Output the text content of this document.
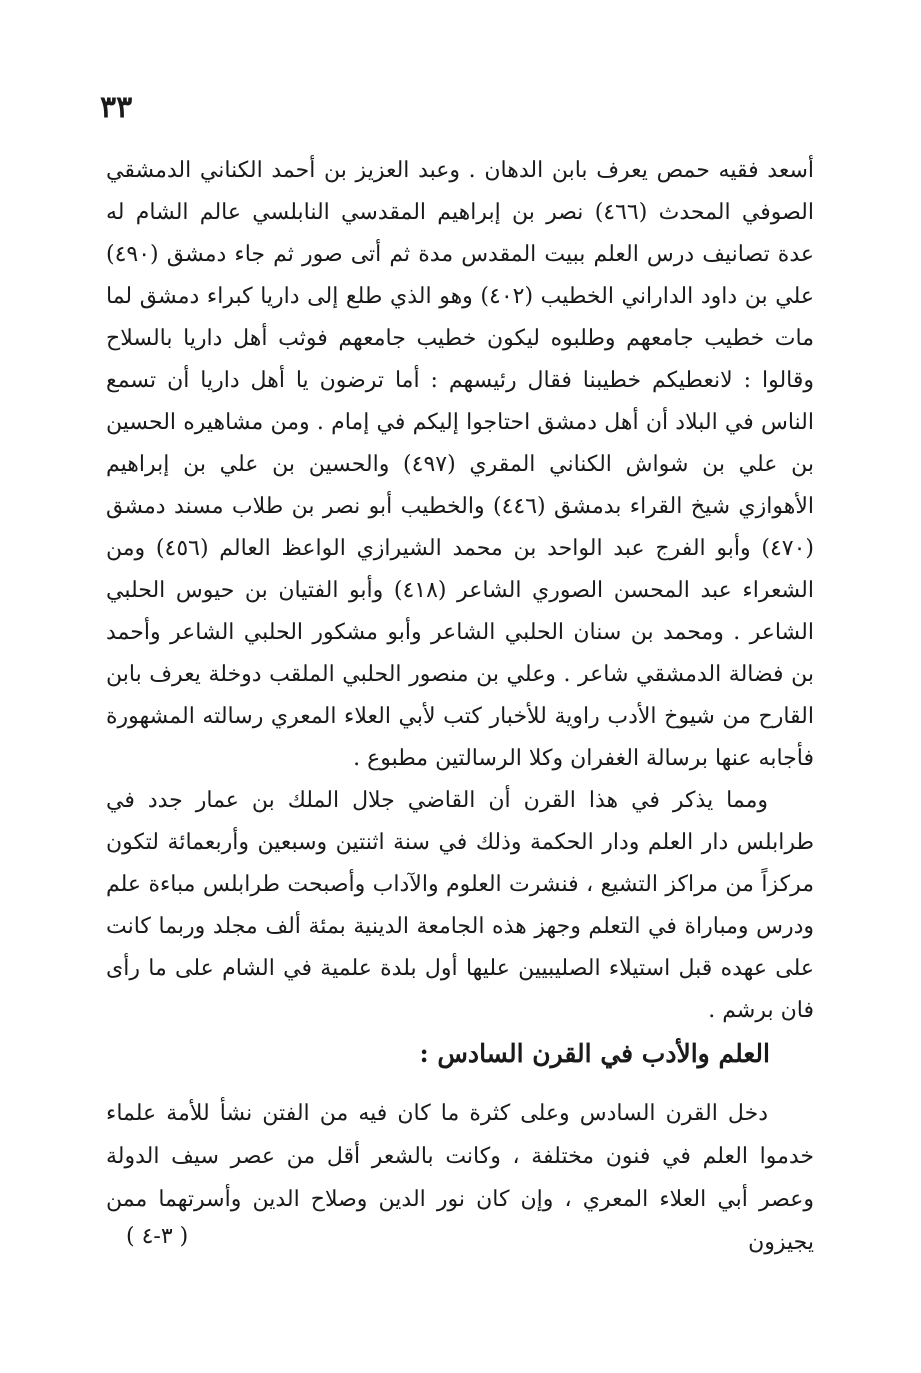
٣٣

أسعد فقيه حمص يعرف بابن الدهان . وعبد العزيز بن أحمد الكناني الدمشقي الصوفي المحدث (٤٦٦) نصر بن إبراهيم المقدسي النابلسي عالم الشام له عدة تصانيف درس العلم ببيت المقدس مدة ثم أتى صور ثم جاء دمشق (٤٩٠) علي بن داود الداراني الخطيب (٤٠٢) وهو الذي طلع إلى داريا كبراء دمشق لما مات خطيب جامعهم وطلبوه ليكون خطيب جامعهم فوثب أهل داريا بالسلاح وقالوا : لانعطيكم خطيبنا فقال رئيسهم : أما ترضون يا أهل داريا أن تسمع الناس في البلاد أن أهل دمشق احتاجوا إليكم في إمام . ومن مشاهيره الحسين بن علي بن شواش الكناني المقري (٤٩٧) والحسين بن علي بن إبراهيم الأهوازي شيخ القراء بدمشق (٤٤٦) والخطيب أبو نصر بن طلاب مسند دمشق (٤٧٠) وأبو الفرج عبد الواحد بن محمد الشيرازي الواعظ العالم (٤٥٦) ومن الشعراء عبد المحسن الصوري الشاعر (٤١٨) وأبو الفتيان بن حيوس الحلبي الشاعر . ومحمد بن سنان الحلبي الشاعر وأبو مشكور الحلبي الشاعر وأحمد بن فضالة الدمشقي شاعر . وعلي بن منصور الحلبي الملقب دوخلة يعرف بابن القارح من شيوخ الأدب راوية للأخبار كتب لأبي العلاء المعري رسالته المشهورة فأجابه عنها برسالة الغفران وكلا الرسالتين مطبوع .

ومما يذكر في هذا القرن أن القاضي جلال الملك بن عمار جدد في طرابلس دار العلم ودار الحكمة وذلك في سنة اثنتين وسبعين وأربعمائة لتكون مركزاً من مراكز التشيع ، فنشرت العلوم والآداب وأصبحت طرابلس مباءة علم ودرس ومباراة في التعلم وجهز هذه الجامعة الدينية بمئة ألف مجلد وربما كانت على عهده قبل استيلاء الصليبيين عليها أول بلدة علمية في الشام على ما رأى فان برشم .

العلم والأدب في القرن السادس :

دخل القرن السادس وعلى كثرة ما كان فيه من الفتن نشأ للأمة علماء خدموا العلم في فنون مختلفة ، وكانت بالشعر أقل من عصر سيف الدولة وعصر أبي العلاء المعري ، وإن كان نور الدين وصلاح الدين وأسرتهما ممن يجيزون

( ٣-٤ )
